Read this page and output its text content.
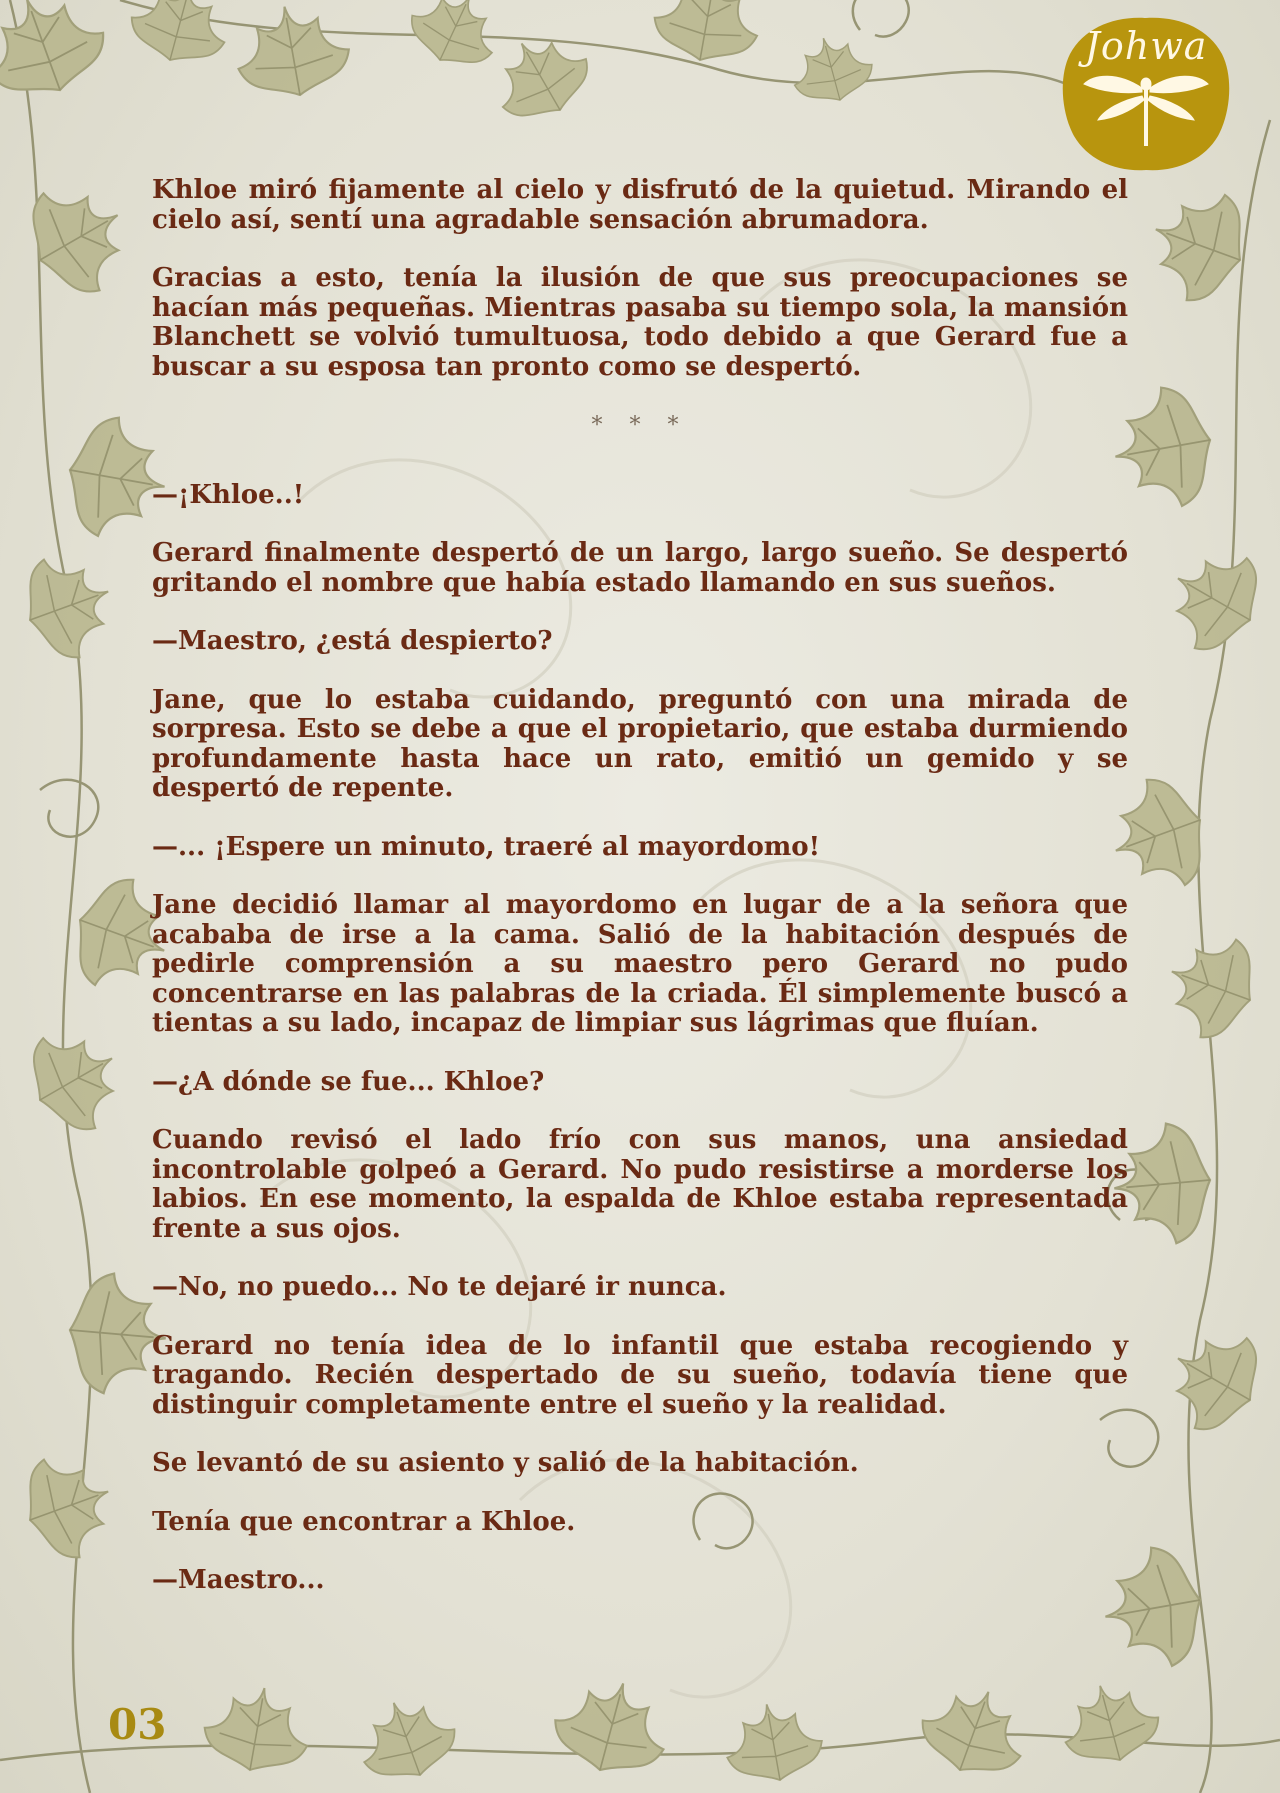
Johwa

Khloe miró fijamente al cielo y disfrutó de la quietud. Mirando el cielo así, sentí una agradable sensación abrumadora.

Gracias a esto, tenía la ilusión de que sus preocupaciones se hacían más pequeñas. Mientras pasaba su tiempo sola, la mansión Blanchett se volvió tumultuosa, todo debido a que Gerard fue a buscar a su esposa tan pronto como se despertó.

* * *

—¡Khloe..!

Gerard finalmente despertó de un largo, largo sueño. Se despertó gritando el nombre que había estado llamando en sus sueños.

—Maestro, ¿está despierto?

Jane, que lo estaba cuidando, preguntó con una mirada de sorpresa. Esto se debe a que el propietario, que estaba durmiendo profundamente hasta hace un rato, emitió un gemido y se despertó de repente.

—... ¡Espere un minuto, traeré al mayordomo!

Jane decidió llamar al mayordomo en lugar de a la señora que acababa de irse a la cama. Salió de la habitación después de pedirle comprensión a su maestro pero Gerard no pudo concentrarse en las palabras de la criada. Él simplemente buscó a tientas a su lado, incapaz de limpiar sus lágrimas que fluían.

—¿A dónde se fue... Khloe?

Cuando revisó el lado frío con sus manos, una ansiedad incontrolable golpeó a Gerard. No pudo resistirse a morderse los labios. En ese momento, la espalda de Khloe estaba representada frente a sus ojos.

—No, no puedo... No te dejaré ir nunca.

Gerard no tenía idea de lo infantil que estaba recogiendo y tragando. Recién despertado de su sueño, todavía tiene que distinguir completamente entre el sueño y la realidad.

Se levantó de su asiento y salió de la habitación.

Tenía que encontrar a Khloe.

—Maestro...

03
